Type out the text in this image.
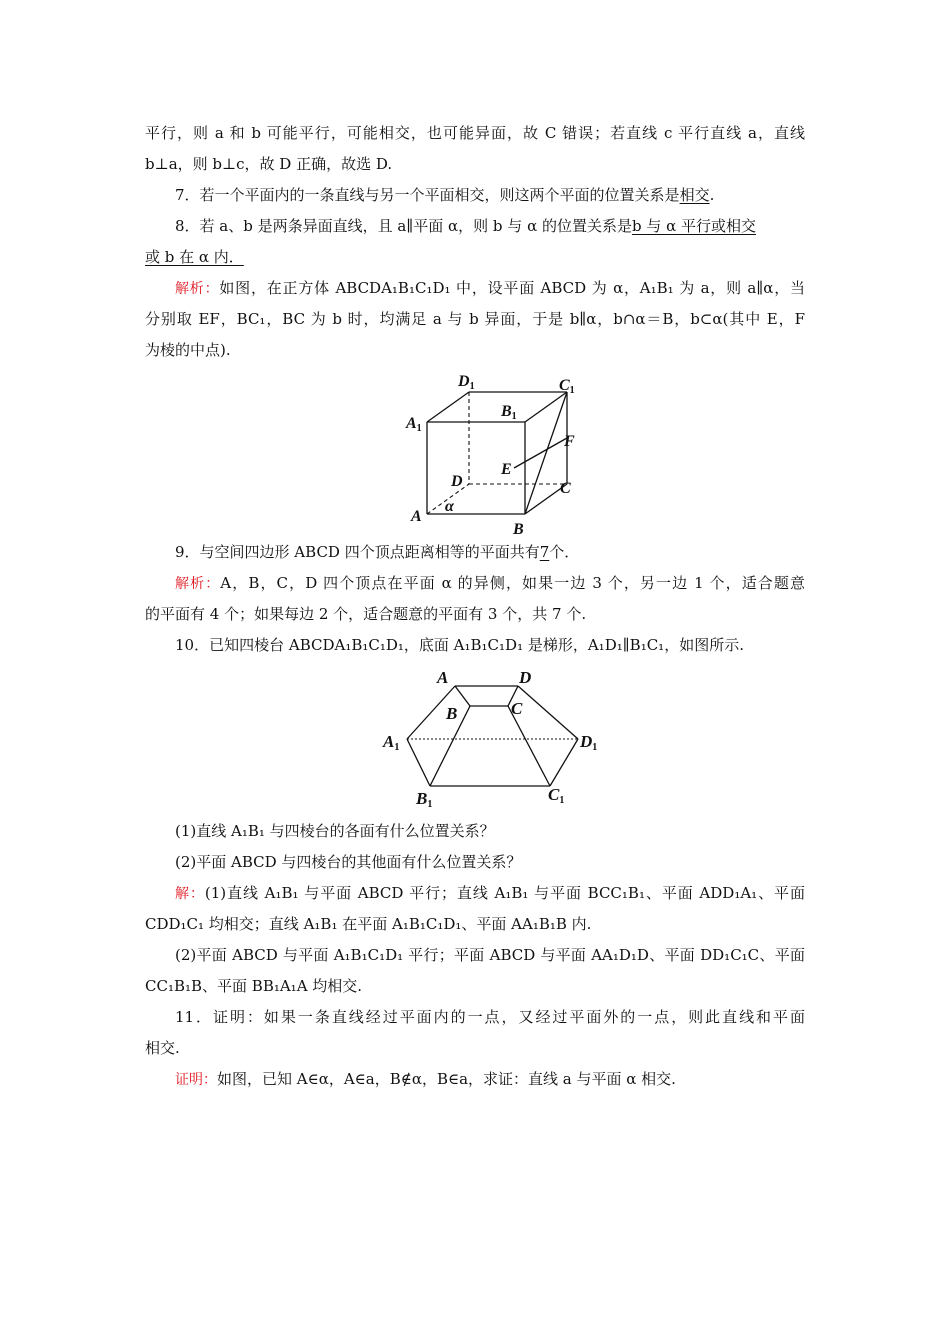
平行，则 a 和 b 可能平行，可能相交，也可能异面，故 C 错误；若直线 c 平行直线 a，直线
b⊥a，则 b⊥c，故 D 正确，故选 D.
7．若一个平面内的一条直线与另一个平面相交，则这两个平面的位置关系是相交.
8．若 a、b 是两条异面直线，且 a∥平面 α，则 b 与 α 的位置关系是b 与 α 平行或相交
或 b 在 α 内．
解析：如图，在正方体 ABCDA₁B₁C₁D₁ 中，设平面 ABCD 为 α，A₁B₁ 为 a，则 a∥α，当
分别取 EF，BC₁，BC 为 b 时，均满足 a 与 b 异面，于是 b∥α，b∩α＝B，b⊂α(其中 E，F
为棱的中点).
D1	C1
B1
A1
F
E
D	C
A
α
B
9．与空间四边形 ABCD 四个顶点距离相等的平面共有7个．
解析：A，B，C，D 四个顶点在平面 α 的异侧，如果一边 3 个，另一边 1 个，适合题意
的平面有 4 个；如果每边 2 个，适合题意的平面有 3 个，共 7 个.
10．已知四棱台 ABCDA₁B₁C₁D₁，底面 A₁B₁C₁D₁ 是梯形，A₁D₁∥B₁C₁，如图所示.
A	D
B	C
A1	D1
B1
C1
(1)直线 A₁B₁ 与四棱台的各面有什么位置关系？
(2)平面 ABCD 与四棱台的其他面有什么位置关系？
解：(1)直线 A₁B₁ 与平面 ABCD 平行；直线 A₁B₁ 与平面 BCC₁B₁、平面 ADD₁A₁、平面
CDD₁C₁ 均相交；直线 A₁B₁ 在平面 A₁B₁C₁D₁、平面 AA₁B₁B 内.
(2)平面 ABCD 与平面 A₁B₁C₁D₁ 平行；平面 ABCD 与平面 AA₁D₁D、平面 DD₁C₁C、平面
CC₁B₁B、平面 BB₁A₁A 均相交.
11．证明：如果一条直线经过平面内的一点，又经过平面外的一点，则此直线和平面
相交.
证明：如图，已知 A∈α，A∈a，B∉α，B∈a，求证：直线 a 与平面 α 相交.
